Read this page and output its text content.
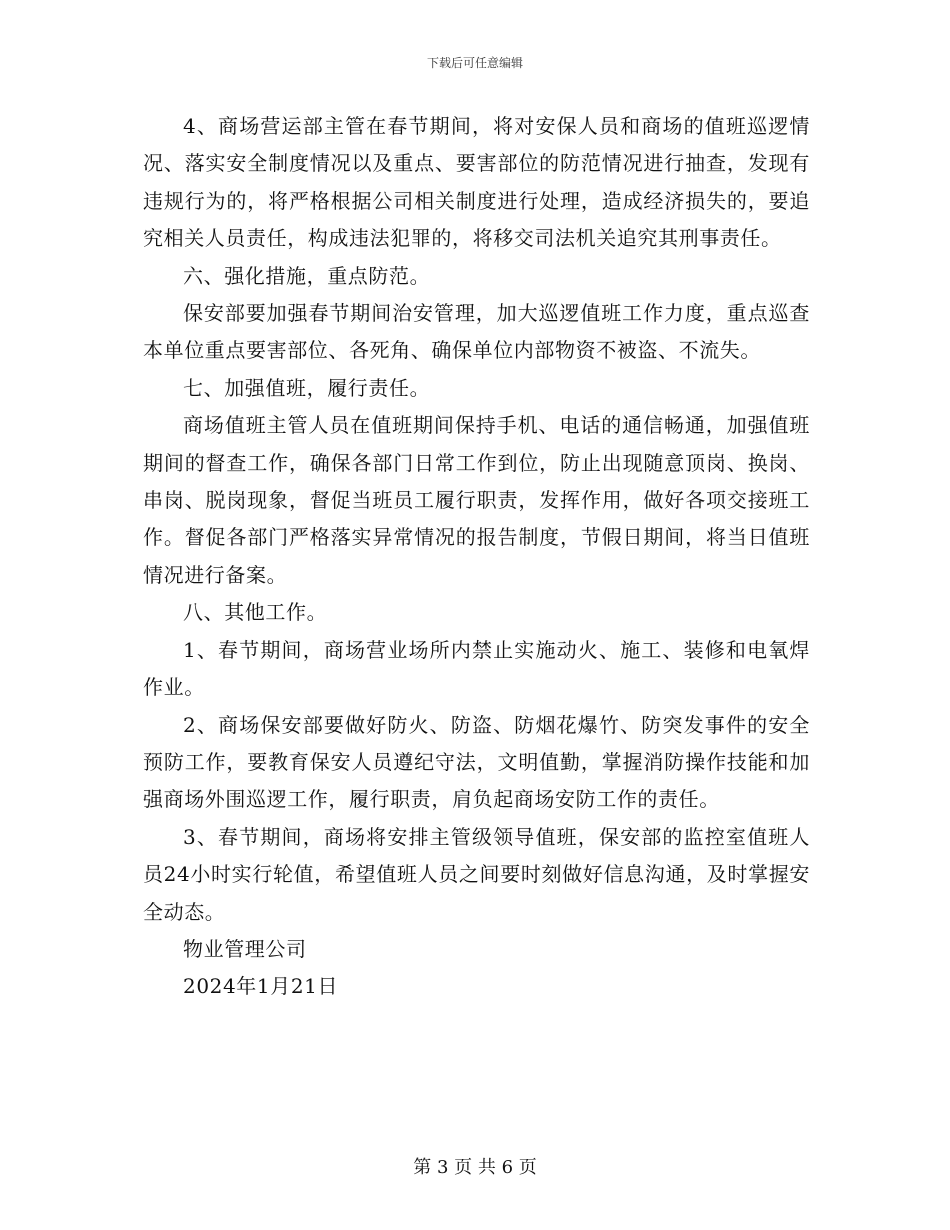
下载后可任意编辑

4、商场营运部主管在春节期间，将对安保人员和商场的值班巡逻情况、落实安全制度情况以及重点、要害部位的防范情况进行抽查，发现有违规行为的，将严格根据公司相关制度进行处理，造成经济损失的，要追究相关人员责任，构成违法犯罪的，将移交司法机关追究其刑事责任。

六、强化措施，重点防范。

保安部要加强春节期间治安管理，加大巡逻值班工作力度，重点巡查本单位重点要害部位、各死角、确保单位内部物资不被盗、不流失。

七、加强值班，履行责任。

商场值班主管人员在值班期间保持手机、电话的通信畅通，加强值班期间的督查工作，确保各部门日常工作到位，防止出现随意顶岗、换岗、串岗、脱岗现象，督促当班员工履行职责，发挥作用，做好各项交接班工作。督促各部门严格落实异常情况的报告制度，节假日期间，将当日值班情况进行备案。

八、其他工作。

1、春节期间，商场营业场所内禁止实施动火、施工、装修和电氧焊作业。

2、商场保安部要做好防火、防盗、防烟花爆竹、防突发事件的安全预防工作，要教育保安人员遵纪守法，文明值勤，掌握消防操作技能和加强商场外围巡逻工作，履行职责，肩负起商场安防工作的责任。

3、春节期间，商场将安排主管级领导值班，保安部的监控室值班人员24小时实行轮值，希望值班人员之间要时刻做好信息沟通，及时掌握安全动态。

物业管理公司

2024年1月21日

第 3 页 共 6 页
